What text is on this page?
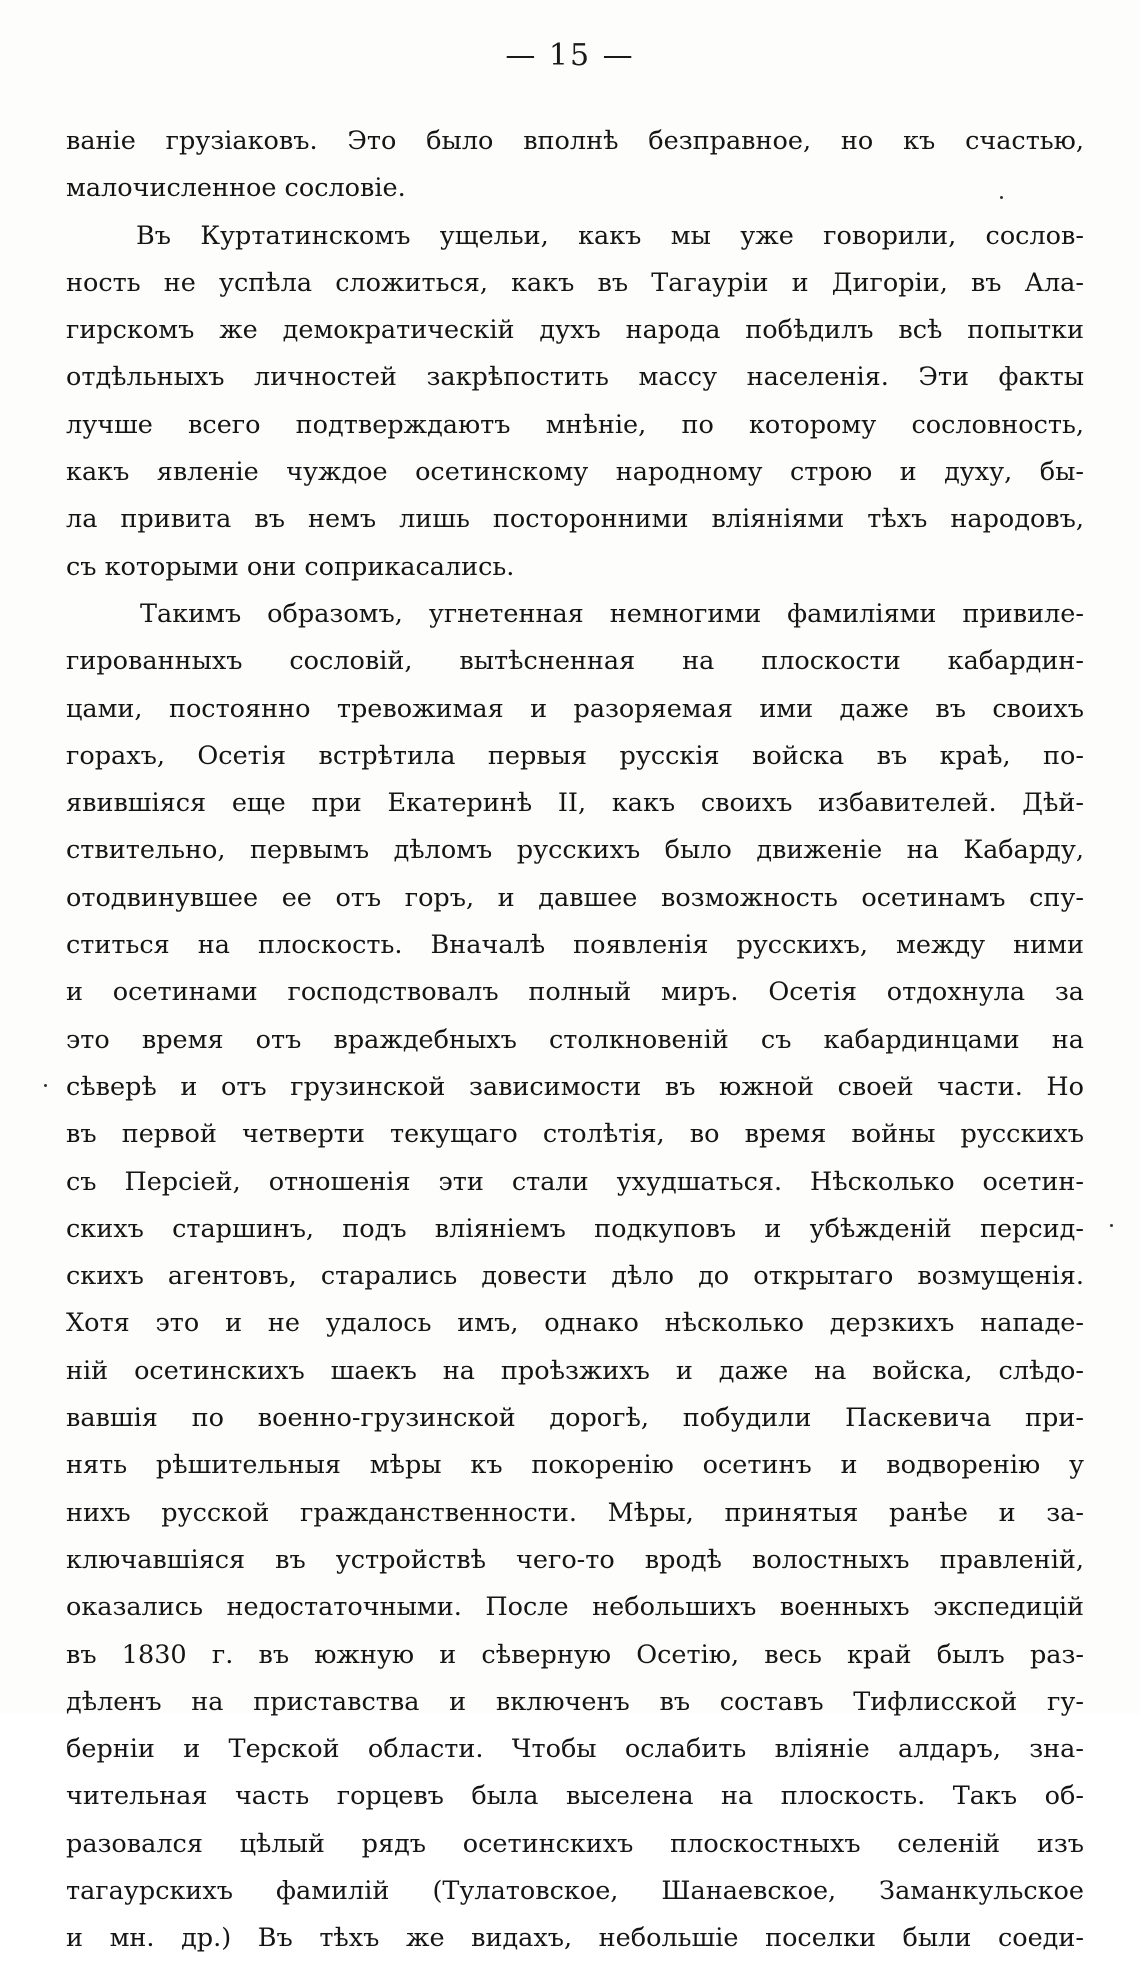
— 15 —
ванiе грузiаковъ. Это было вполнѣ безправное, но къ счастью,
малочисленное сословiе.
Въ Куртатинскомъ ущельи, какъ мы уже говорили, сослов-
ность не успѣла сложиться, какъ въ Тагаурiи и Дигорiи, въ Ала-
гирскомъ же демократическiй духъ народа побѣдилъ всѣ попытки
отдѣльныхъ личностей закрѣпостить массу населенiя. Эти факты
лучше всего подтверждаютъ мнѣнiе, по которому сословность,
какъ явленiе чуждое осетинскому народному строю и духу, бы-
ла привита въ немъ лишь посторонними влiянiями тѣхъ народовъ,
съ которыми они соприкасались.
Такимъ образомъ, угнетенная немногими фамилiями привиле-
гированныхъ сословiй, вытѣсненная на плоскости кабардин-
цами, постоянно тревожимая и разоряемая ими даже въ своихъ
горахъ, Осетiя встрѣтила первыя русскiя войска въ краѣ, по-
явившiяся еще при Екатеринѣ II, какъ своихъ избавителей. Дѣй-
ствительно, первымъ дѣломъ русскихъ было движенiе на Кабарду,
отодвинувшее ее отъ горъ, и давшее возможность осетинамъ спу-
ститься на плоскость. Вначалѣ появленiя русскихъ, между ними
и осетинами господствовалъ полный миръ. Осетiя отдохнула за
это время отъ враждебныхъ столкновенiй съ кабардинцами на
сѣверѣ и отъ грузинской зависимости въ южной своей части. Но
въ первой четверти текущаго столѣтiя, во время войны русскихъ
съ Персiей, отношенiя эти стали ухудшаться. Нѣсколько осетин-
скихъ старшинъ, подъ влiянiемъ подкуповъ и убѣжденiй персид-
скихъ агентовъ, старались довести дѣло до открытаго возмущенiя.
Хотя это и не удалось имъ, однако нѣсколько дерзкихъ нападе-
нiй осетинскихъ шаекъ на проѣзжихъ и даже на войска, слѣдо-
вавшiя по военно-грузинской дорогѣ, побудили Паскевича при-
нять рѣшительныя мѣры къ покоренiю осетинъ и водворенiю у
нихъ русской гражданственности. Мѣры, принятыя ранѣе и за-
ключавшiяся въ устройствѣ чего-то вродѣ волостныхъ правленiй,
оказались недостаточными. После небольшихъ военныхъ экспедицiй
въ 1830 г. въ южную и сѣверную Осетiю, весь край былъ раз-
дѣленъ на приставства и включенъ въ составъ Тифлисской гу-
бернiи и Терской области. Чтобы ослабить влiянiе алдаръ, зна-
чительная часть горцевъ была выселена на плоскость. Такъ об-
разовался цѣлый рядъ осетинскихъ плоскостныхъ селенiй изъ
тагаурскихъ фамилiй (Тулатовское, Шанаевское, Заманкульское
и мн. др.) Въ тѣхъ же видахъ, небольшiе поселки были соеди-
